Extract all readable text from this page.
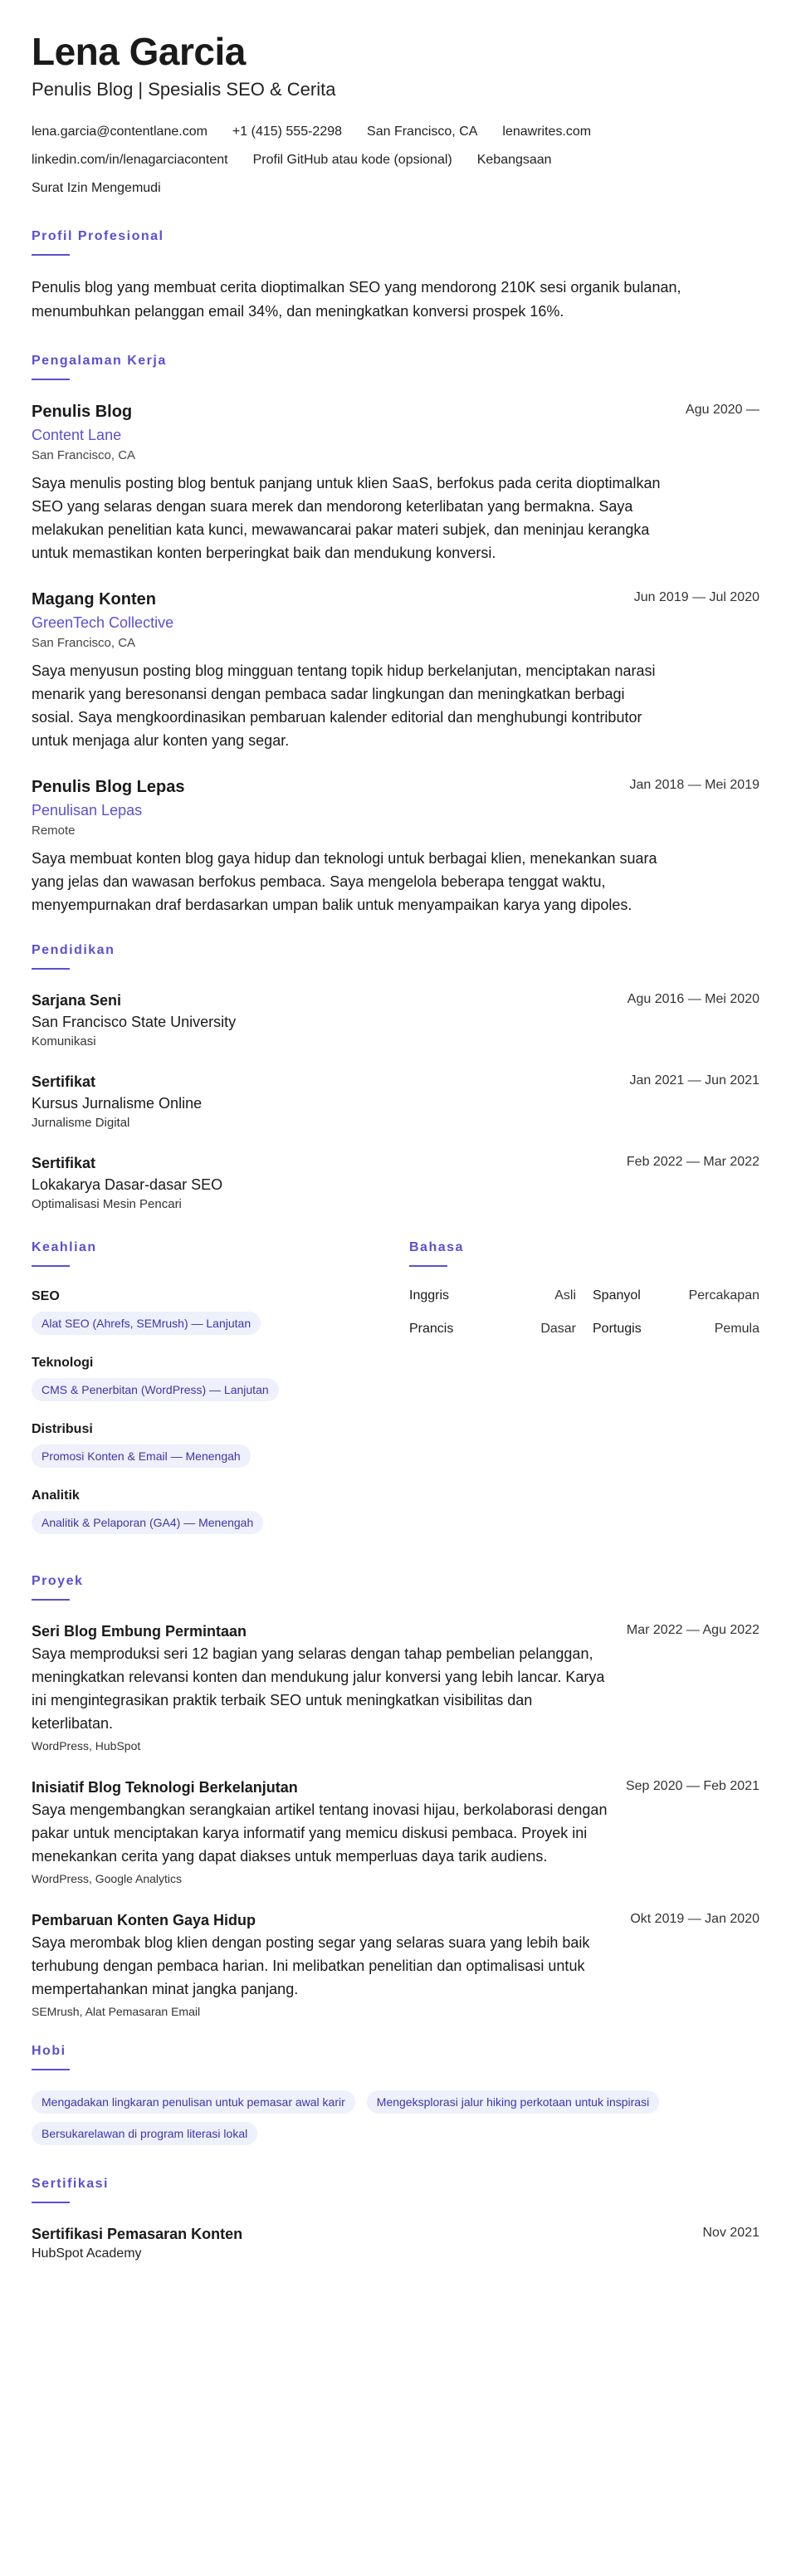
Lena Garcia
Penulis Blog | Spesialis SEO & Cerita
lena.garcia@contentlane.com +1 (415) 555-2298 San Francisco, CA lenawrites.com
linkedin.com/in/lenagarciacontent Profil GitHub atau kode (opsional) Kebangsaan
Surat Izin Mengemudi
Profil Profesional

Penulis blog yang membuat cerita dioptimalkan SEO yang mendorong 210K sesi organik bulanan, menumbuhkan pelanggan email 34%, dan meningkatkan konversi prospek 16%.

Pengalaman Kerja
Penulis Blog	Agu 2020 —
Content Lane
San Francisco, CA

Saya menulis posting blog bentuk panjang untuk klien SaaS, berfokus pada cerita dioptimalkan SEO yang selaras dengan suara merek dan mendorong keterlibatan yang bermakna. Saya melakukan penelitian kata kunci, mewawancarai pakar materi subjek, dan meninjau kerangka untuk memastikan konten berperingkat baik dan mendukung konversi.

Magang Konten	Jun 2019 — Jul 2020
GreenTech Collective
San Francisco, CA

Saya menyusun posting blog mingguan tentang topik hidup berkelanjutan, menciptakan narasi menarik yang beresonansi dengan pembaca sadar lingkungan dan meningkatkan berbagi sosial. Saya mengkoordinasikan pembaruan kalender editorial dan menghubungi kontributor untuk menjaga alur konten yang segar.

Penulis Blog Lepas	Jan 2018 — Mei 2019
Penulisan Lepas
Remote

Saya membuat konten blog gaya hidup dan teknologi untuk berbagai klien, menekankan suara yang jelas dan wawasan berfokus pembaca. Saya mengelola beberapa tenggat waktu, menyempurnakan draf berdasarkan umpan balik untuk menyampaikan karya yang dipoles.

Pendidikan
Sarjana Seni	Agu 2016 — Mei 2020
San Francisco State University
Komunikasi
Sertifikat	Jan 2021 — Jun 2021
Kursus Jurnalisme Online
Jurnalisme Digital
Sertifikat	Feb 2022 — Mar 2022
Lokakarya Dasar-dasar SEO
Optimalisasi Mesin Pencari
Keahlian
SEO
Alat SEO (Ahrefs, SEMrush) — Lanjutan
Teknologi
CMS & Penerbitan (WordPress) — Lanjutan
Distribusi
Promosi Konten & Email — Menengah
Analitik
Analitik & Pelaporan (GA4) — Menengah
Bahasa
Inggris	Asli Spanyol	Percakapan
Prancis	Dasar Portugis	Pemula
Proyek
Seri Blog Embung Permintaan	Mar 2022 — Agu 2022

Saya memproduksi seri 12 bagian yang selaras dengan tahap pembelian pelanggan, meningkatkan relevansi konten dan mendukung jalur konversi yang lebih lancar. Karya ini mengintegrasikan praktik terbaik SEO untuk meningkatkan visibilitas dan keterlibatan.

WordPress, HubSpot
Inisiatif Blog Teknologi Berkelanjutan	Sep 2020 — Feb 2021

Saya mengembangkan serangkaian artikel tentang inovasi hijau, berkolaborasi dengan pakar untuk menciptakan karya informatif yang memicu diskusi pembaca. Proyek ini menekankan cerita yang dapat diakses untuk memperluas daya tarik audiens.

WordPress, Google Analytics
Pembaruan Konten Gaya Hidup	Okt 2019 — Jan 2020

Saya merombak blog klien dengan posting segar yang selaras suara yang lebih baik terhubung dengan pembaca harian. Ini melibatkan penelitian dan optimalisasi untuk mempertahankan minat jangka panjang.

SEMrush, Alat Pemasaran Email
Hobi
Mengadakan lingkaran penulisan untuk pemasar awal karir	Mengeksplorasi jalur hiking perkotaan untuk inspirasi
Bersukarelawan di program literasi lokal
Sertifikasi
Sertifikasi Pemasaran Konten	Nov 2021
HubSpot Academy
